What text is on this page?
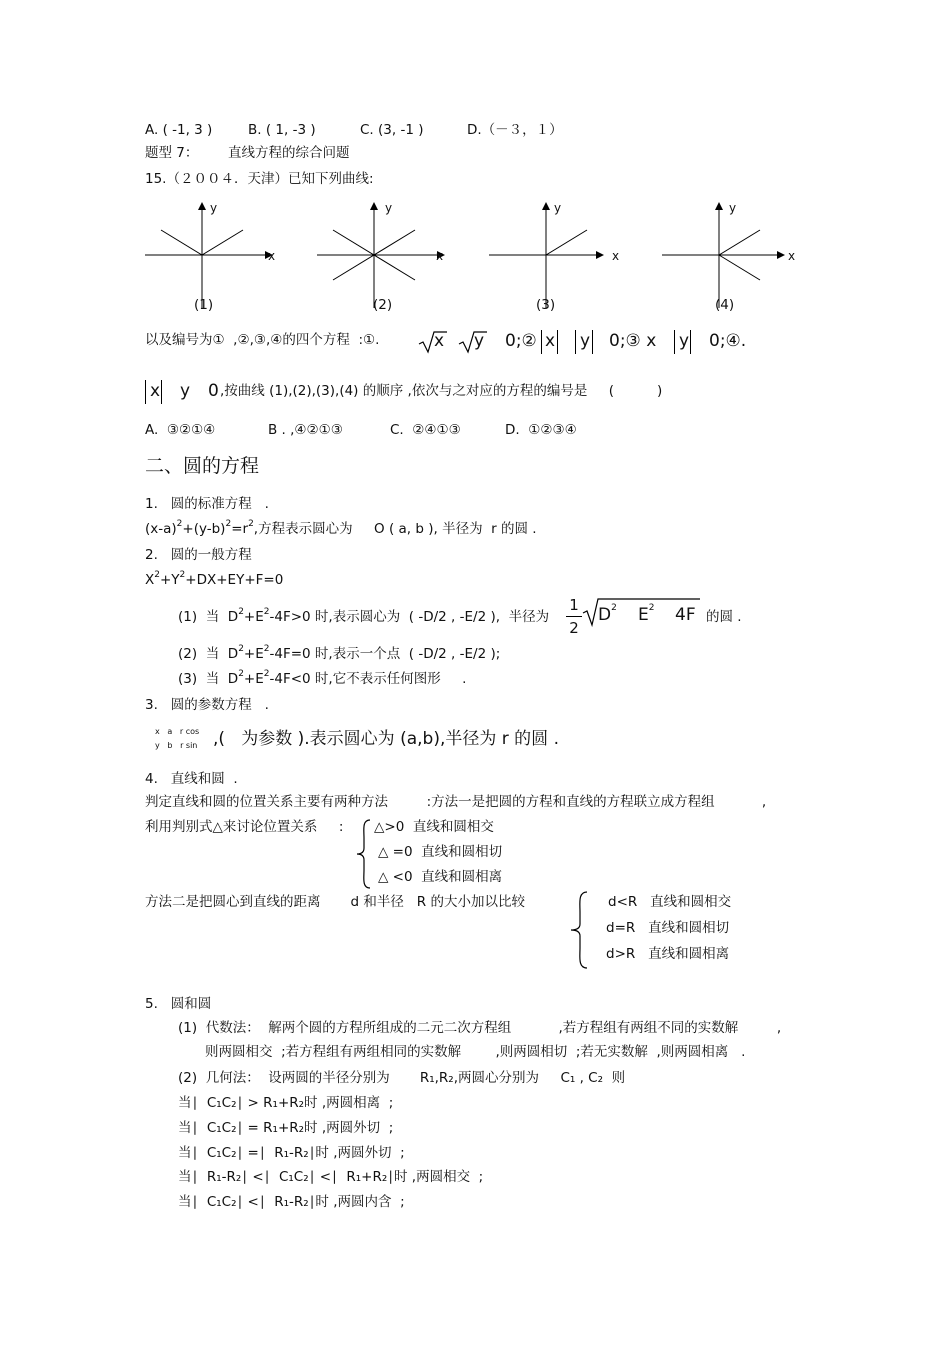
A. ( -1, 3 )	B. ( 1, -3 )	C. (3, -1 )	D.（－３，１）
题型 7： 直线方程的综合问题
15.（２００４．天津）已知下列曲线:
y
x
(1)
y
x
(2)
y
x
(3)
y
x
(4)
以及编号为①  ,②,③,④的四个方程  :①.	x y 0;② x y 0;③ x y 0;④.
x y 0 ,按曲线 (1),(2),(3),(4) 的顺序 ,依次与之对应的方程的编号是     (          )
A.  ③②①④	B . ,④②①③	C.  ②④①③	D.  ①②③④
二、圆的方程
1.   圆的标准方程   .
$(x-a)^2+(y-b)^2=r^2$,方程表示圆心为     O ( a, b ), 半径为  r 的圆 .
2.   圆的一般方程
$X^2+Y^2+DX+EY+F=0$
(1)  当  $D^2+E^2-4F>0$ 时,表示圆心为  ( -D/2 , -E/2 ),  半径为
1
2
$D^2$ $E^2$ 4F 的圆 .
(2)  当  $D^2+E^2-4F=0$ 时,表示一个点  ( -D/2 , -E/2 );
(3)  当  $D^2+E^2-4F<0$ 时,它不表示任何图形     .
3.   圆的参数方程   .
x   a   r cos
y   b   r sin ,(   为参数 ).表示圆心为 (a,b),半径为 r 的圆 .
4.   直线和圆  .
判定直线和圆的位置关系主要有两种方法         :方法一是把圆的方程和直线的方程联立成方程组           ,
利用判别式△来讨论位置关系     : △>0  直线和圆相交
△ =0  直线和圆相切
△ <0  直线和圆相离
方法二是把圆心到直线的距离       d 和半径   R 的大小加以比较	d<R   直线和圆相交
d=R   直线和圆相切
d>R   直线和圆相离
5.   圆和圆
(1)  代数法：  解两个圆的方程所组成的二元二次方程组           ,若方程组有两组不同的实数解         ,
则两圆相交  ;若方程组有两组相同的实数解        ,则两圆相切  ;若无实数解  ,则两圆相离   .
(2)  几何法：  设两圆的半径分别为       R₁,R₂,两圆心分别为     C₁ , C₂  则
当∣  C₁C₂∣ > R₁+R₂时 ,两圆相离  ;
当∣  C₁C₂∣ = R₁+R₂时 ,两圆外切  ;
当∣  C₁C₂∣ =∣  R₁-R₂∣时 ,两圆外切  ;
当∣  R₁-R₂∣ <∣  C₁C₂∣ <∣  R₁+R₂∣时 ,两圆相交  ;
当∣  C₁C₂∣ <∣  R₁-R₂∣时 ,两圆内含  ;
